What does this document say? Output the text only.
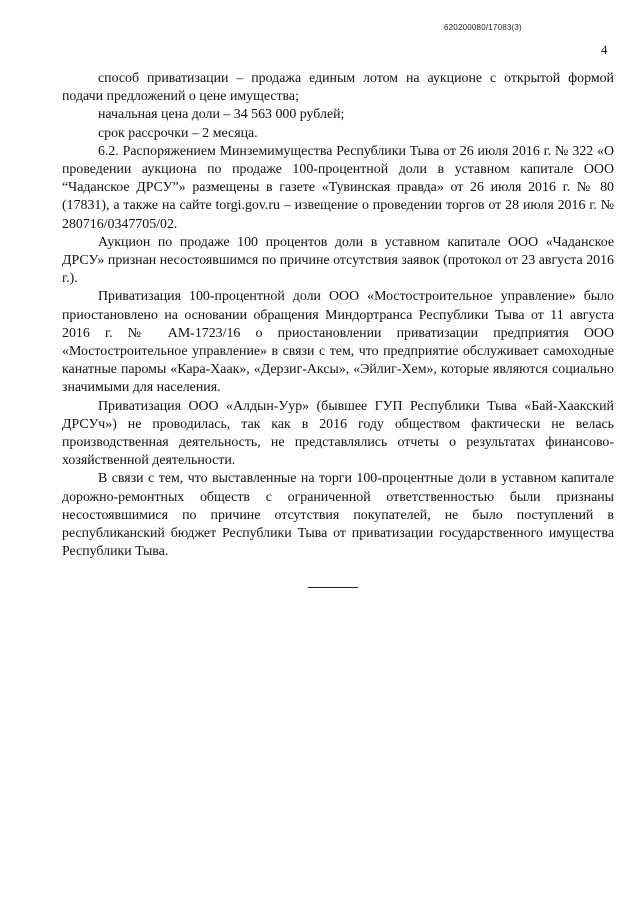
620200080/17083(3)
4

способ приватизации – продажа единым лотом на аукционе с открытой формой подачи предложений о цене имущества;

начальная цена доли – 34 563 000 рублей;

срок рассрочки – 2 месяца.

6.2. Распоряжением Минземимущества Республики Тыва от 26 июля 2016 г. № 322 «О проведении аукциона по продаже 100-процентной доли в уставном капитале ООО “Чаданское ДРСУ”» размещены в газете «Тувинская правда» от 26 июля 2016 г. № 80 (17831), а также на сайте torgi.gov.ru – извещение о проведении торгов от 28 июля 2016 г. № 280716/0347705/02.

Аукцион по продаже 100 процентов доли в уставном капитале ООО «Чаданское ДРСУ» признан несостоявшимся по причине отсутствия заявок (протокол от 23 августа 2016 г.).

Приватизация 100-процентной доли ООО «Мостостроительное управление» было приостановлено на основании обращения Миндортранса Республики Тыва от 11 августа 2016 г. № АМ-1723/16 о приостановлении приватизации предприятия ООО «Мостостроительное управление» в связи с тем, что предприятие обслуживает самоходные канатные паромы «Кара-Хаак», «Дерзиг-Аксы», «Эйлиг-Хем», которые являются социально значимыми для населения.

Приватизация ООО «Алдын-Уур» (бывшее ГУП Республики Тыва «Бай-Хаакский ДРСУч») не проводилась, так как в 2016 году обществом фактически не велась производственная деятельность, не представлялись отчеты о результатах финансово-хозяйственной деятельности.

В связи с тем, что выставленные на торги 100-процентные доли в уставном капитале дорожно-ремонтных обществ с ограниченной ответственностью были признаны несостоявшимися по причине отсутствия покупателей, не было поступлений в республиканский бюджет Республики Тыва от приватизации государственного имущества Республики Тыва.
